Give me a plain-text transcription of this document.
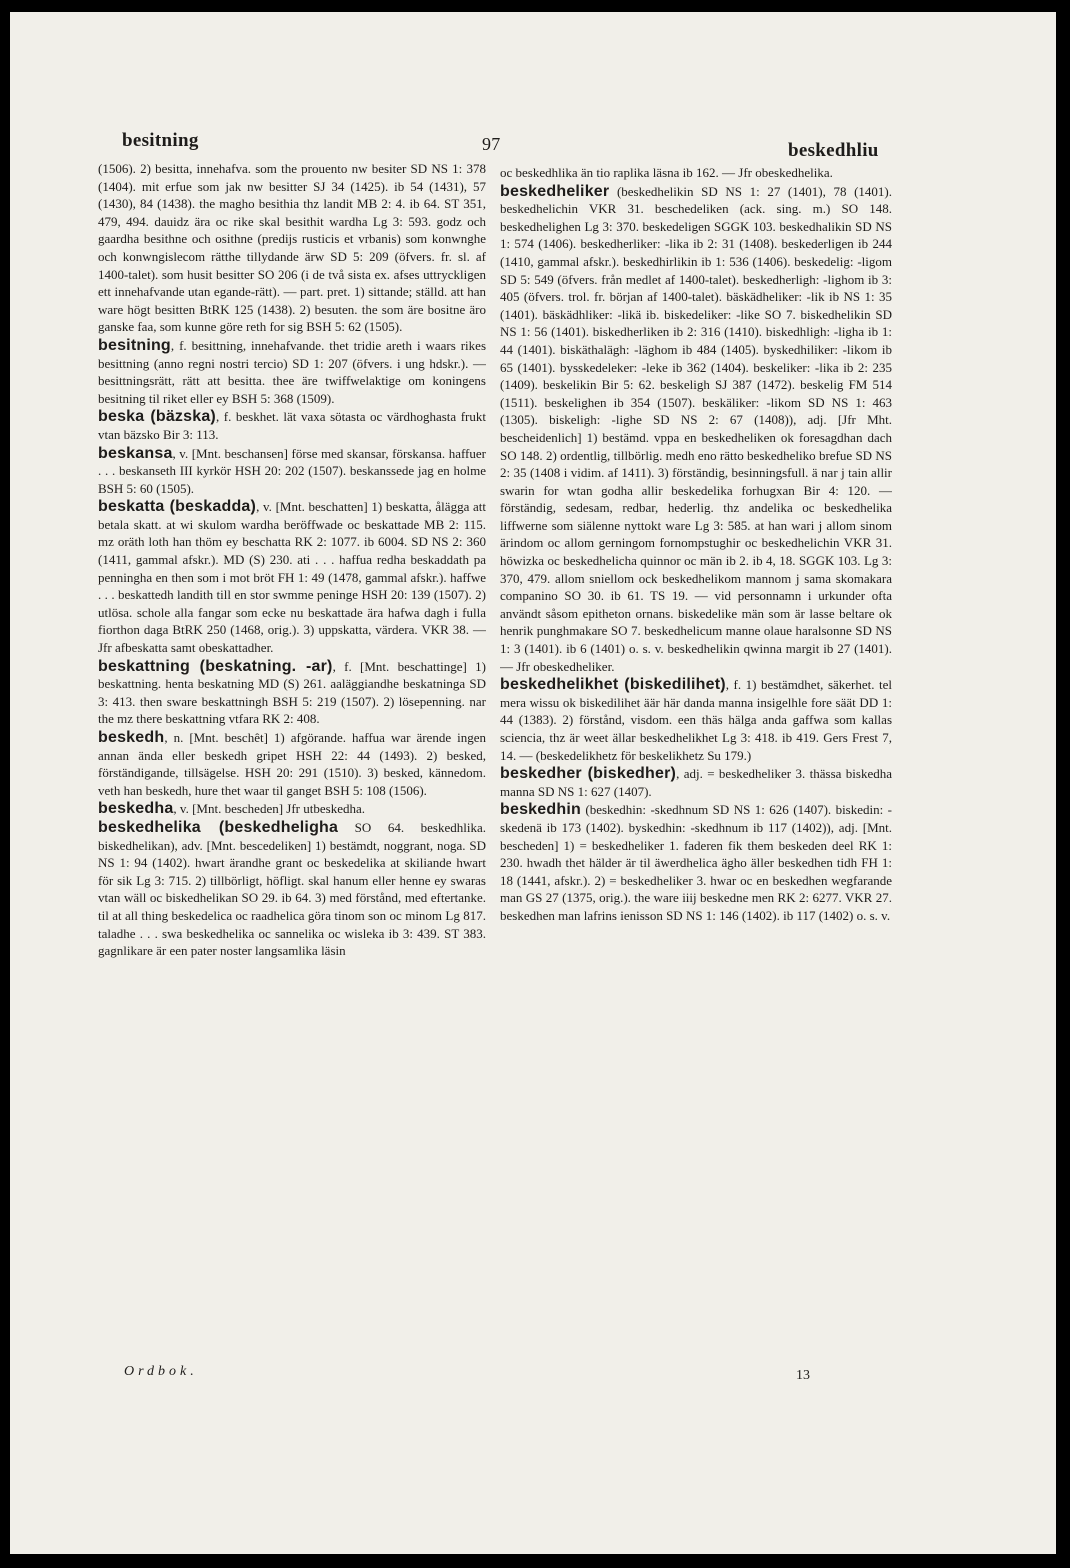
besitning	97	beskedhliu
(1506). 2) besitta, innehafva. som the prouento nw besiter SD NS 1: 378 (1404). mit erfue som jak nw besitter SJ 34 (1425). ib 54 (1431), 57 (1430), 84 (1438). the magho besithia thz landit MB 2: 4. ib 64. ST 351, 479, 494. dauidz ära oc rike skal besithit wardha Lg 3: 593. godz och gaardha besithne och osithne (predijs rusticis et vrbanis) som konwnghe och konwngislecom rätthe tillydande ärw SD 5: 209 (öfvers. fr. sl. af 1400-talet). som husit besitter SO 206 (i de två sista ex. afses uttryckligen ett innehafvande utan egande-rätt). — part. pret. 1) sittande; ställd. att han ware högt besitten BtRK 125 (1438). 2) besuten. the som äre bositne äro ganske faa, som kunne göre reth for sig BSH 5: 62 (1505).
besitning, f. besittning, innehafvande. thet tridie areth i waars rikes besittning (anno regni nostri tercio) SD 1: 207 (öfvers. i ung hdskr.). — besittningsrätt, rätt att besitta. thee äre twiffwelaktige om koningens besitning til riket eller ey BSH 5: 368 (1509).
beska (bäzska), f. beskhet. lät vaxa sötasta oc värdhoghasta frukt vtan bäzsko Bir 3: 113.
beskansa, v. [Mnt. beschansen] förse med skansar, förskansa. haffuer . . . beskanseth III kyrkör HSH 20: 202 (1507). beskanssede jag en holme BSH 5: 60 (1505).
beskatta (beskadda), v. [Mnt. beschatten] 1) beskatta, ålägga att betala skatt. at wi skulom wardha beröffwade oc beskattade MB 2: 115. mz oräth loth han thöm ey beschatta RK 2: 1077. ib 6004. SD NS 2: 360 (1411, gammal afskr.). MD (S) 230. ati . . . haffua redha beskaddath pa penningha en then som i mot bröt FH 1: 49 (1478, gammal afskr.). haffwe . . . beskattedh landith till en stor swmme peninge HSH 20: 139 (1507). 2) utlösa. schole alla fangar som ecke nu beskattade ära hafwa dagh i fulla fiorthon daga BtRK 250 (1468, orig.). 3) uppskatta, värdera. VKR 38. — Jfr afbeskatta samt obeskattadher.
beskattning (beskatning. -ar), f. [Mnt. beschattinge] 1) beskattning. henta beskatning MD (S) 261. aaläggiandhe beskatninga SD 3: 413. then sware beskattningh BSH 5: 219 (1507). 2) lösepenning. nar the mz there beskattning vtfara RK 2: 408.
beskedh, n. [Mnt. beschêt] 1) afgörande. haffua war ärende ingen annan ända eller beskedh gripet HSH 22: 44 (1493). 2) besked, förständigande, tillsägelse. HSH 20: 291 (1510). 3) besked, kännedom. veth han beskedh, hure thet waar til ganget BSH 5: 108 (1506).
beskedha, v. [Mnt. bescheden] Jfr utbeskedha.
beskedhelika (beskedheligha SO 64. beskedhlika. biskedhelikan), adv. [Mnt. bescedeliken] 1) bestämdt, noggrant, noga. SD NS 1: 94 (1402). hwart ärandhe grant oc beskedelika at skiliande hwart för sik Lg 3: 715. 2) tillbörligt, höfligt. skal hanum eller henne ey swaras vtan wäll oc biskedhelikan SO 29. ib 64. 3) med förstånd, med eftertanke. til at all thing beskedelica oc raadhelica göra tinom son oc minom Lg 817. taladhe . . . swa beskedhelika oc sannelika oc wisleka ib 3: 439. ST 383. gagnlikare är een pater noster langsamlika läsin
oc beskedhlika än tio raplika läsna ib 162. — Jfr obeskedhelika.
beskedheliker (beskedhelikin SD NS 1: 27 (1401), 78 (1401). beskedhelichin VKR 31. beschedeliken (ack. sing. m.) SO 148. beskedhelighen Lg 3: 370. beskedeligen SGGK 103. beskedhalikin SD NS 1: 574 (1406). beskedherliker: -lika ib 2: 31 (1408). beskederligen ib 244 (1410, gammal afskr.). beskedhirlikin ib 1: 536 (1406). beskedelig: -ligom SD 5: 549 (öfvers. från medlet af 1400-talet). beskedherligh: -lighom ib 3: 405 (öfvers. trol. fr. början af 1400-talet). bäskädheliker: -lik ib NS 1: 35 (1401). bäskädhliker: -likä ib. biskedeliker: -like SO 7. biskedhelikin SD NS 1: 56 (1401). biskedherliken ib 2: 316 (1410). biskedhligh: -ligha ib 1: 44 (1401). biskäthalägh: -läghom ib 484 (1405). byskedhiliker: -likom ib 65 (1401). bysskedeleker: -leke ib 362 (1404). beskeliker: -lika ib 2: 235 (1409). beskelikin Bir 5: 62. beskeligh SJ 387 (1472). beskelig FM 514 (1511). beskelighen ib 354 (1507). beskäliker: -likom SD NS 1: 463 (1305). biskeligh: -lighe SD NS 2: 67 (1408)), adj. [Jfr Mht. bescheidenlich] 1) bestämd. vppa en beskedheliken ok foresagdhan dach SO 148. 2) ordentlig, tillbörlig. medh eno rätto beskedheliko brefue SD NS 2: 35 (1408 i vidim. af 1411). 3) förständig, besinningsfull. ä nar j tain allir swarin for wtan godha allir beskedelika forhugxan Bir 4: 120. — förständig, sedesam, redbar, hederlig. thz andelika oc beskedhelika liffwerne som siälenne nyttokt ware Lg 3: 585. at han wari j allom sinom ärindom oc allom gerningom fornompstughir oc beskedhelichin VKR 31. höwizka oc beskedhelicha quinnor oc män ib 2. ib 4, 18. SGGK 103. Lg 3: 370, 479. allom sniellom ock beskedhelikom mannom j sama skomakara companino SO 30. ib 61. TS 19. — vid personnamn i urkunder ofta användt såsom epitheton ornans. biskedelike män som är lasse beltare ok henrik punghmakare SO 7. beskedhelicum manne olaue haralsonne SD NS 1: 3 (1401). ib 6 (1401) o. s. v. beskedhelikin qwinna margit ib 27 (1401). — Jfr obeskedheliker.
beskedhelikhet (biskedilihet), f. 1) bestämdhet, säkerhet. tel mera wissu ok biskedilihet äär här danda manna insigelhle fore säät DD 1: 44 (1383). 2) förstånd, visdom. een thäs hälga anda gaffwa som kallas sciencia, thz är weet ällar beskedhelikhet Lg 3: 418. ib 419. Gers Frest 7, 14. — (beskedelikhetz för beskelikhetz Su 179.)
beskedher (biskedher), adj. = beskedheliker 3. thässa biskedha manna SD NS 1: 627 (1407).
beskedhin (beskedhin: -skedhnum SD NS 1: 626 (1407). biskedin: -skedenä ib 173 (1402). byskedhin: -skedhnum ib 117 (1402)), adj. [Mnt. bescheden] 1) = beskedheliker 1. faderen fik them beskeden deel RK 1: 230. hwadh thet hälder är til äwerdhelica ägho äller beskedhen tidh FH 1: 18 (1441, afskr.). 2) = beskedheliker 3. hwar oc en beskedhen wegfarande man GS 27 (1375, orig.). the ware iiij beskedne men RK 2: 6277. VKR 27. beskedhen man lafrins ienisson SD NS 1: 146 (1402). ib 117 (1402) o. s. v.
Ordbok.	13
